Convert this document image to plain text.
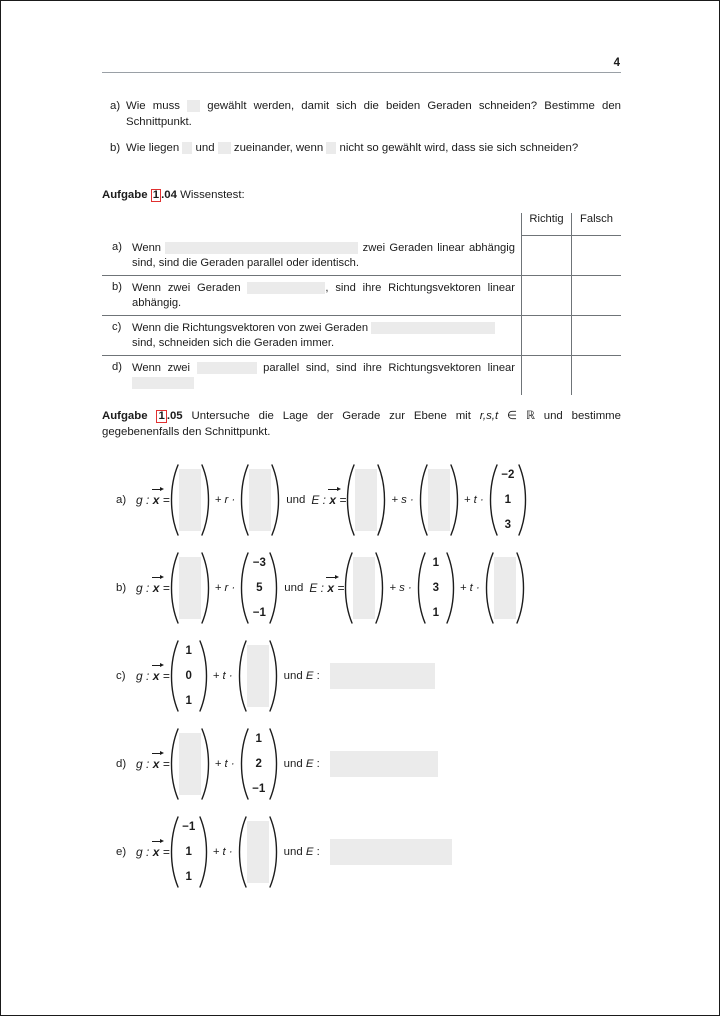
4
a) Wie muss  gewählt werden, damit sich die beiden Geraden schneiden? Bestimme den Schnittpunkt.
b) Wie liegen  und  zueinander, wenn  nicht so gewählt wird, dass sie sich schneiden?
Aufgabe 1 .04 Wissenstest:
		Richtig	Falsch
a)	Wenn zwei Geraden linear abhängig sind, sind die Geraden parallel oder identisch.		
b)	Wenn zwei Geraden , sind ihre Richtungsvektoren linear abhängig.		
c)	Wenn die Richtungsvektoren von zwei Geraden  sind, schneiden sich die Geraden immer.		
d)	Wenn zwei parallel sind, sind ihre Richtungsvektoren linear		
Aufgabe 1 .05 Untersuche die Lage der Gerade zur Ebene mit r,s,t ∈ ℝ und bestimme gegebenenfalls den Schnittpunkt.
a) g : x
=	+ r ·	und E : x
=	+ s ·	+ t ·
−2
1
3
b) g : x
=	+ r ·
−3
5
−1
und E : x
=	+ s ·
1
3
1
+ t ·
c) g : x
=
1
0
1
+ t ·	und E :
d) g : x
=	+ t ·
1
2
−1
und E :
e) g : x
=
−1
1
1
+ t ·	und E :
